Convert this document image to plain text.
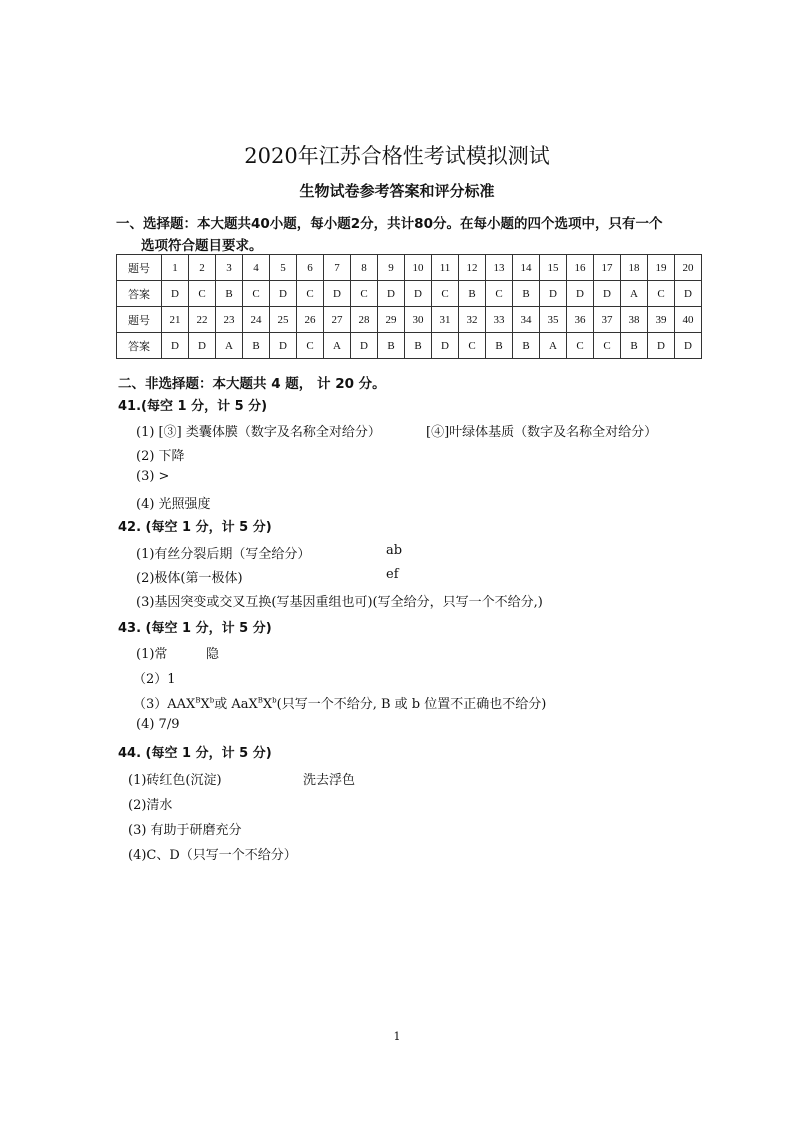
2020年江苏合格性考试模拟测试
生物试卷参考答案和评分标准
一、选择题：本大题共40小题，每小题2分，共计80分。在每小题的四个选项中，只有一个
选项符合题目要求。
题号	1	2	3	4	5	6	7	8	9	10	11	12	13	14	15	16	17	18	19	20
答案	D	C	B	C	D	C	D	C	D	D	C	B	C	B	D	D	D	A	C	D
题号	21	22	23	24	25	26	27	28	29	30	31	32	33	34	35	36	37	38	39	40
答案	D	D	A	B	D	C	A	D	B	B	D	C	B	B	A	C	C	B	D	D
二、非选择题：本大题共 4 题， 计 20 分。
41.(每空 1 分，计 5 分)
(1) [③] 类囊体膜（数字及名称全对给分）	[④]叶绿体基质（数字及名称全对给分）
(2) 下降
(3) >
(4) 光照强度
42. (每空 1 分，计 5 分)
(1)有丝分裂后期（写全给分）	ab
(2)极体(第一极体)	ef
(3)基因突变或交叉互换(写基因重组也可)(写全给分，只写一个不给分,)
43. (每空 1 分，计 5 分)
(1)常	隐
（2）1
$(3)AAX^BX^b$或 $AaX^BX^b$(只写一个不给分, B 或 b 位置不正确也不给分)
(4) 7/9
44. (每空 1 分，计 5 分)
(1)砖红色(沉淀)	洗去浮色
(2)清水
(3) 有助于研磨充分
(4)C、D（只写一个不给分）
1
